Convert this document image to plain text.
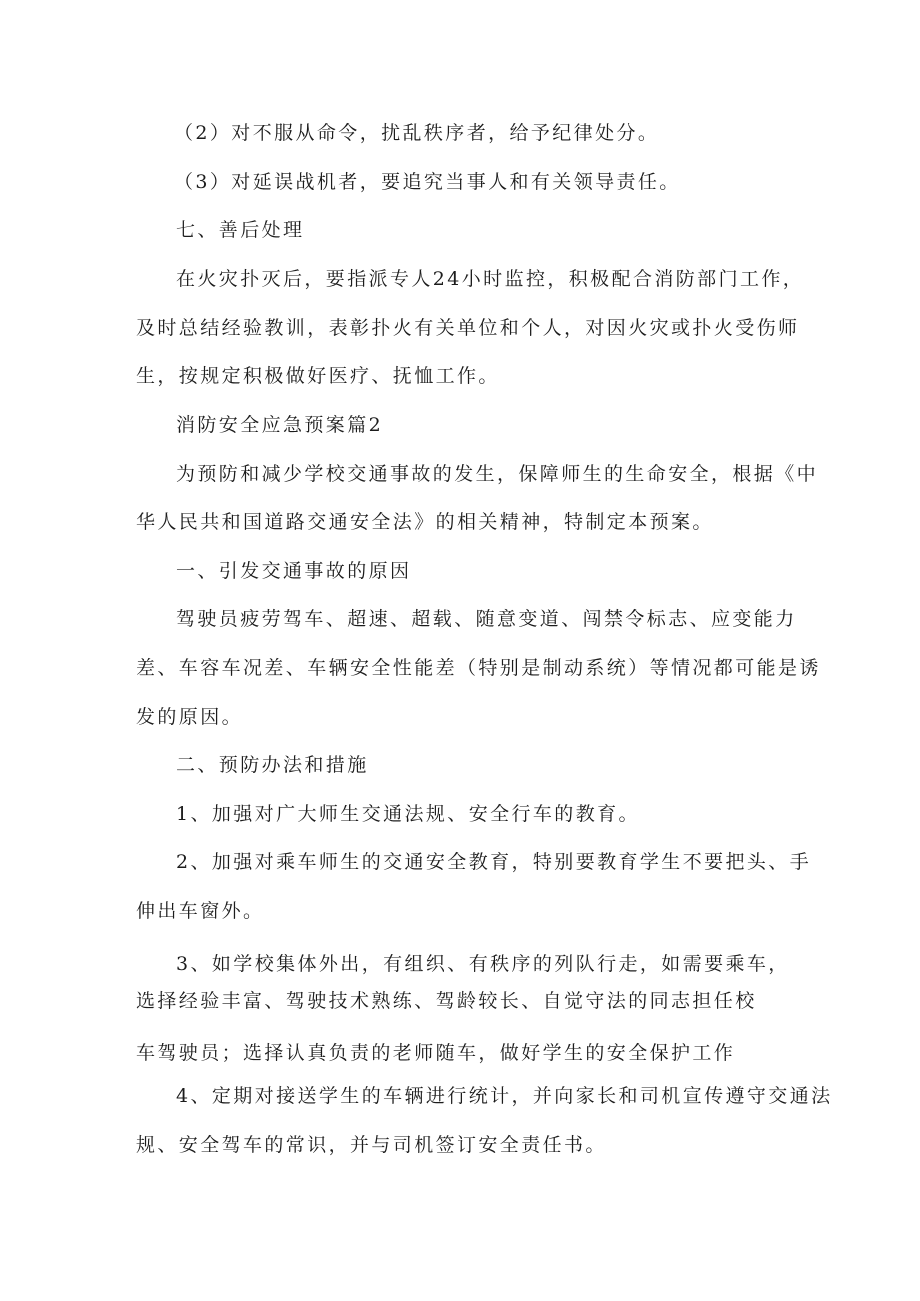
（2）对不服从命令，扰乱秩序者，给予纪律处分。
（3）对延误战机者，要追究当事人和有关领导责任。
七、善后处理
在火灾扑灭后，要指派专人24小时监控，积极配合消防部门工作，
及时总结经验教训，表彰扑火有关单位和个人，对因火灾或扑火受伤师
生，按规定积极做好医疗、抚恤工作。
消防安全应急预案篇2
为预防和减少学校交通事故的发生，保障师生的生命安全，根据《中
华人民共和国道路交通安全法》的相关精神，特制定本预案。
一、引发交通事故的原因
驾驶员疲劳驾车、超速、超载、随意变道、闯禁令标志、应变能力
差、车容车况差、车辆安全性能差（特别是制动系统）等情况都可能是诱
发的原因。
二、预防办法和措施
1、加强对广大师生交通法规、安全行车的教育。
2、加强对乘车师生的交通安全教育，特别要教育学生不要把头、手
伸出车窗外。
3、如学校集体外出，有组织、有秩序的列队行走，如需要乘车，
选择经验丰富、驾驶技术熟练、驾龄较长、自觉守法的同志担任校
车驾驶员；选择认真负责的老师随车，做好学生的安全保护工作
4、定期对接送学生的车辆进行统计，并向家长和司机宣传遵守交通法
规、安全驾车的常识，并与司机签订安全责任书。
